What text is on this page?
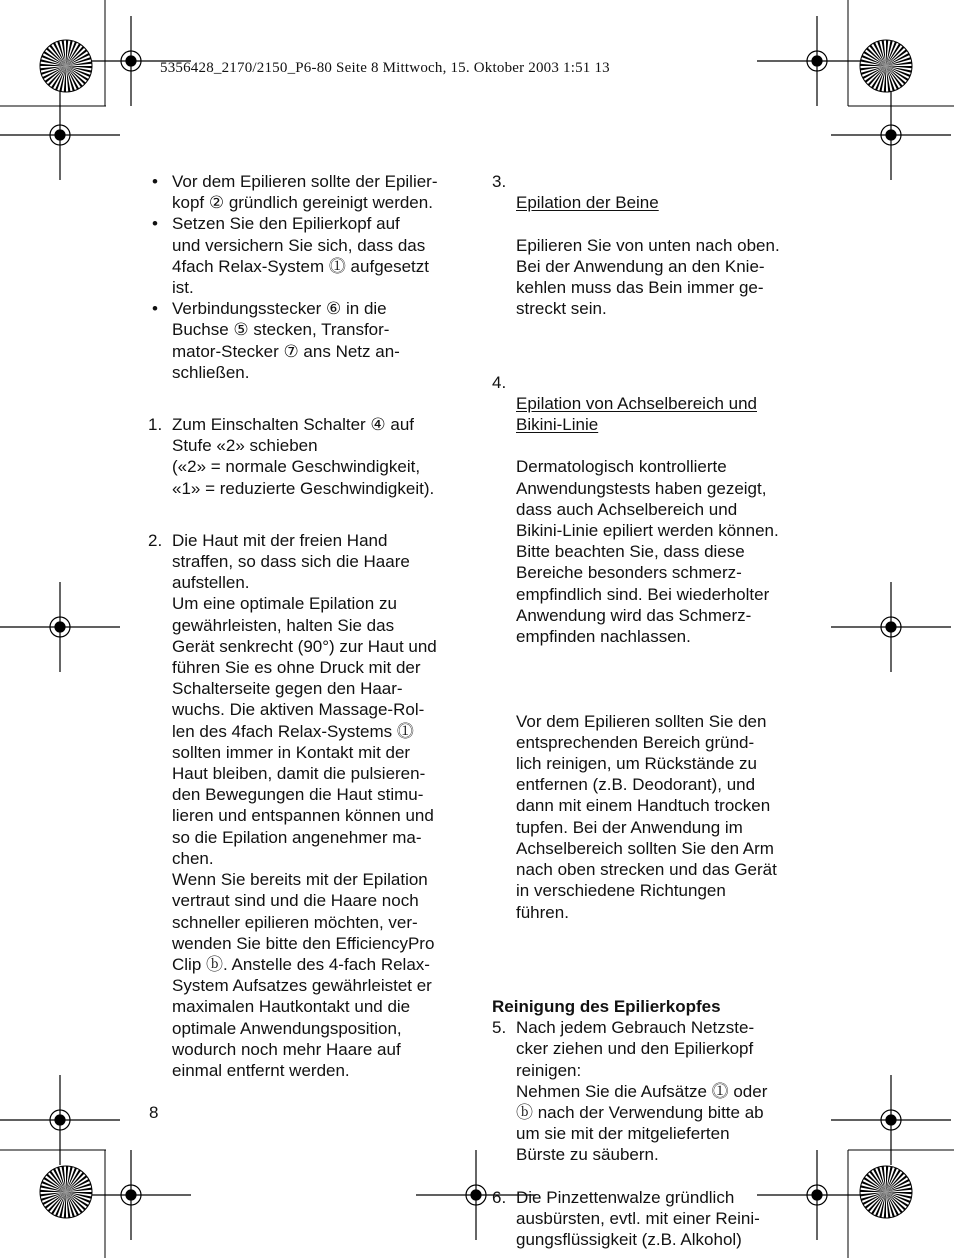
5356428_2170/2150_P6-80 Seite 8 Mittwoch, 15. Oktober 2003 1:51 13
• Vor dem Epilieren sollte der Epilier-
kopf ② gründlich gereinigt werden.
• Setzen Sie den Epilierkopf auf
und versichern Sie sich, dass das
4fach Relax-System ⓵ aufgesetzt
ist.
• Verbindungsstecker ⑥ in die
Buchse ⑤ stecken, Transfor-
mator-Stecker ⑦ ans Netz an-
schließen.
1. Zum Einschalten Schalter ④ auf
Stufe «2» schieben
(«2» = normale Geschwindigkeit,
«1» = reduzierte Geschwindigkeit).
2. Die Haut mit der freien Hand
straffen, so dass sich die Haare
aufstellen.
Um eine optimale Epilation zu
gewährleisten, halten Sie das
Gerät senkrecht (90°) zur Haut und
führen Sie es ohne Druck mit der
Schalterseite gegen den Haar-
wuchs. Die aktiven Massage-Rol-
len des 4fach Relax-Systems ⓵
sollten immer in Kontakt mit der
Haut bleiben, damit die pulsieren-
den Bewegungen die Haut stimu-
lieren und entspannen können und
so die Epilation angenehmer ma-
chen.
Wenn Sie bereits mit der Epilation
vertraut sind und die Haare noch
schneller epilieren möchten, ver-
wenden Sie bitte den EfficiencyPro
Clip ⓑ. Anstelle des 4-fach Relax-
System Aufsatzes gewährleistet er
maximalen Hautkontakt und die
optimale Anwendungsposition,
wodurch noch mehr Haare auf
einmal entfernt werden.
3.

Epilation der Beine

Epilieren Sie von unten nach oben.
Bei der Anwendung an den Knie-
kehlen muss das Bein immer ge-
streckt sein.

4.

Epilation von Achselbereich und
Bikini-Linie

Dermatologisch kontrollierte
Anwendungstests haben gezeigt,
dass auch Achselbereich und
Bikini-Linie epiliert werden können.
Bitte beachten Sie, dass diese
Bereiche besonders schmerz-
empfindlich sind. Bei wiederholter
Anwendung wird das Schmerz-
empfinden nachlassen.

Vor dem Epilieren sollten Sie den
entsprechenden Bereich gründ-
lich reinigen, um Rückstände zu
entfernen (z.B. Deodorant), und
dann mit einem Handtuch trocken
tupfen. Bei der Anwendung im
Achselbereich sollten Sie den Arm
nach oben strecken und das Gerät
in verschiedene Richtungen
führen.

Reinigung des Epilierkopfes
5. Nach jedem Gebrauch Netzste-
cker ziehen und den Epilierkopf
reinigen:
Nehmen Sie die Aufsätze ⓵ oder
ⓑ nach der Verwendung bitte ab
um sie mit der mitgelieferten
Bürste zu säubern.
6. Die Pinzettenwalze gründlich
ausbürsten, evtl. mit einer Reini-
gungsflüssigkeit (z.B. Alkohol)
8
